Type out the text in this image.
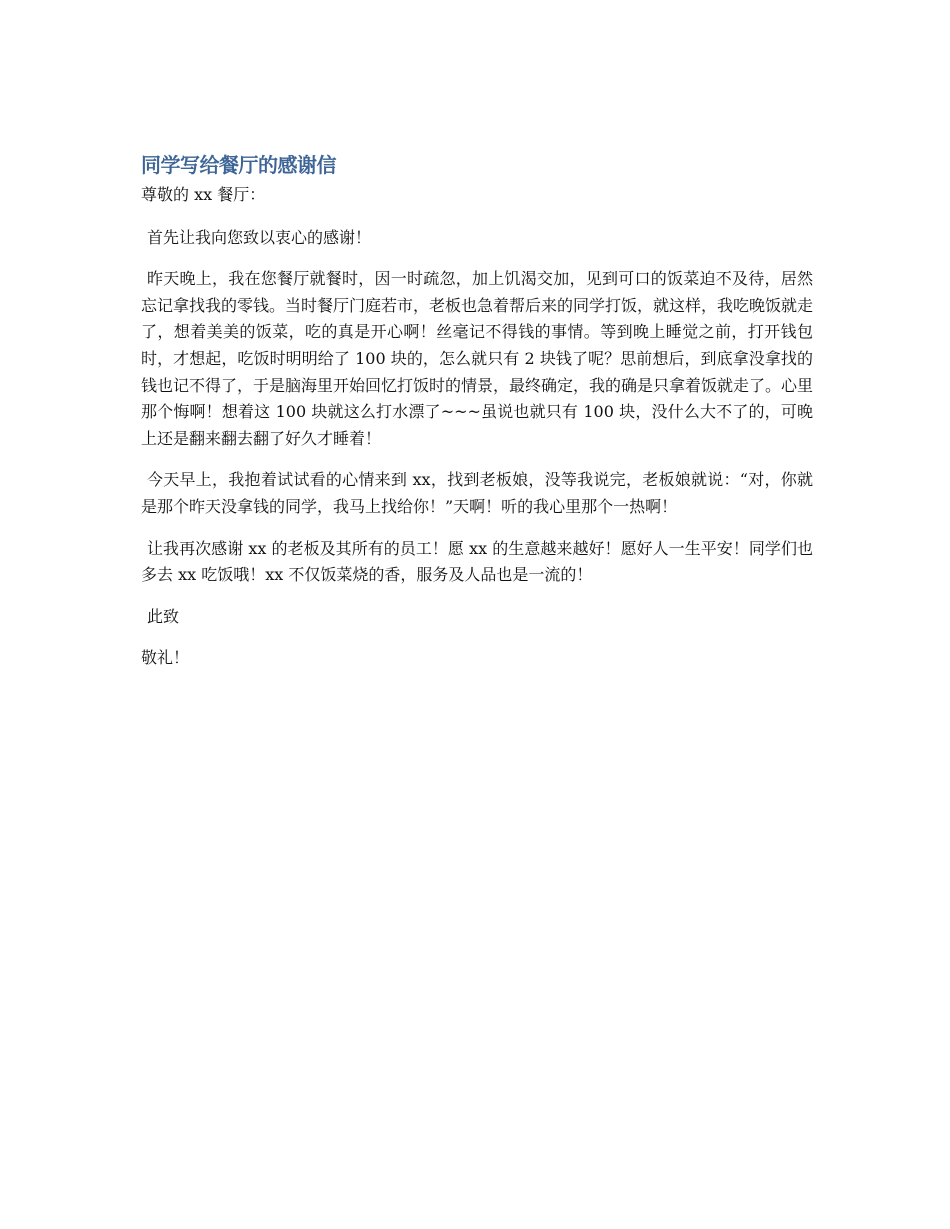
同学写给餐厅的感谢信
尊敬的 xx 餐厅：
首先让我向您致以衷心的感谢！
昨天晚上，我在您餐厅就餐时，因一时疏忽，加上饥渴交加，见到可口的饭菜迫不及待，居然忘记拿找我的零钱。当时餐厅门庭若市，老板也急着帮后来的同学打饭，就这样，我吃晚饭就走了，想着美美的饭菜，吃的真是开心啊！丝毫记不得钱的事情。等到晚上睡觉之前，打开钱包时，才想起，吃饭时明明给了 100 块的，怎么就只有 2 块钱了呢？思前想后，到底拿没拿找的钱也记不得了，于是脑海里开始回忆打饭时的情景，最终确定，我的确是只拿着饭就走了。心里那个悔啊！想着这 100 块就这么打水漂了~~~虽说也就只有 100 块，没什么大不了的，可晚上还是翻来翻去翻了好久才睡着！
今天早上，我抱着试试看的心情来到 xx，找到老板娘，没等我说完，老板娘就说：“对，你就是那个昨天没拿钱的同学，我马上找给你！”天啊！听的我心里那个一热啊！
让我再次感谢 xx 的老板及其所有的员工！愿 xx 的生意越来越好！愿好人一生平安！同学们也多去 xx 吃饭哦！xx 不仅饭菜烧的香，服务及人品也是一流的！
此致
敬礼！
